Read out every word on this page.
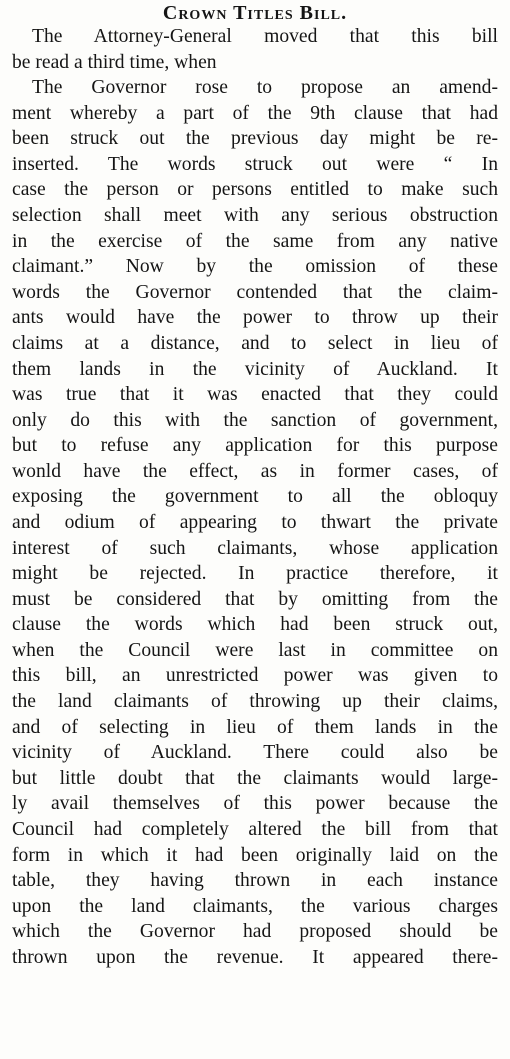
Crown Titles Bill.
The Attorney-General moved that this bill
be read a third time, when
The Governor rose to propose an amend-
ment whereby a part of the 9th clause that had
been struck out the previous day might be re-
inserted. The words struck out were “ In
case the person or persons entitled to make such
selection shall meet with any serious obstruction
in the exercise of the same from any native
claimant.” Now by the omission of these
words the Governor contended that the claim-
ants would have the power to throw up their
claims at a distance, and to select in lieu of
them lands in the vicinity of Auckland. It
was true that it was enacted that they could
only do this with the sanction of government,
but to refuse any application for this purpose
wonld have the effect, as in former cases, of
exposing the government to all the obloquy
and odium of appearing to thwart the private
interest of such claimants, whose application
might be rejected. In practice therefore, it
must be considered that by omitting from the
clause the words which had been struck out,
when the Council were last in committee on
this bill, an unrestricted power was given to
the land claimants of throwing up their claims,
and of selecting in lieu of them lands in the
vicinity of Auckland. There could also be
but little doubt that the claimants would large-
ly avail themselves of this power because the
Council had completely altered the bill from that
form in which it had been originally laid on the
table, they having thrown in each instance
upon the land claimants, the various charges
which the Governor had proposed should be
thrown upon the revenue. It appeared there-
